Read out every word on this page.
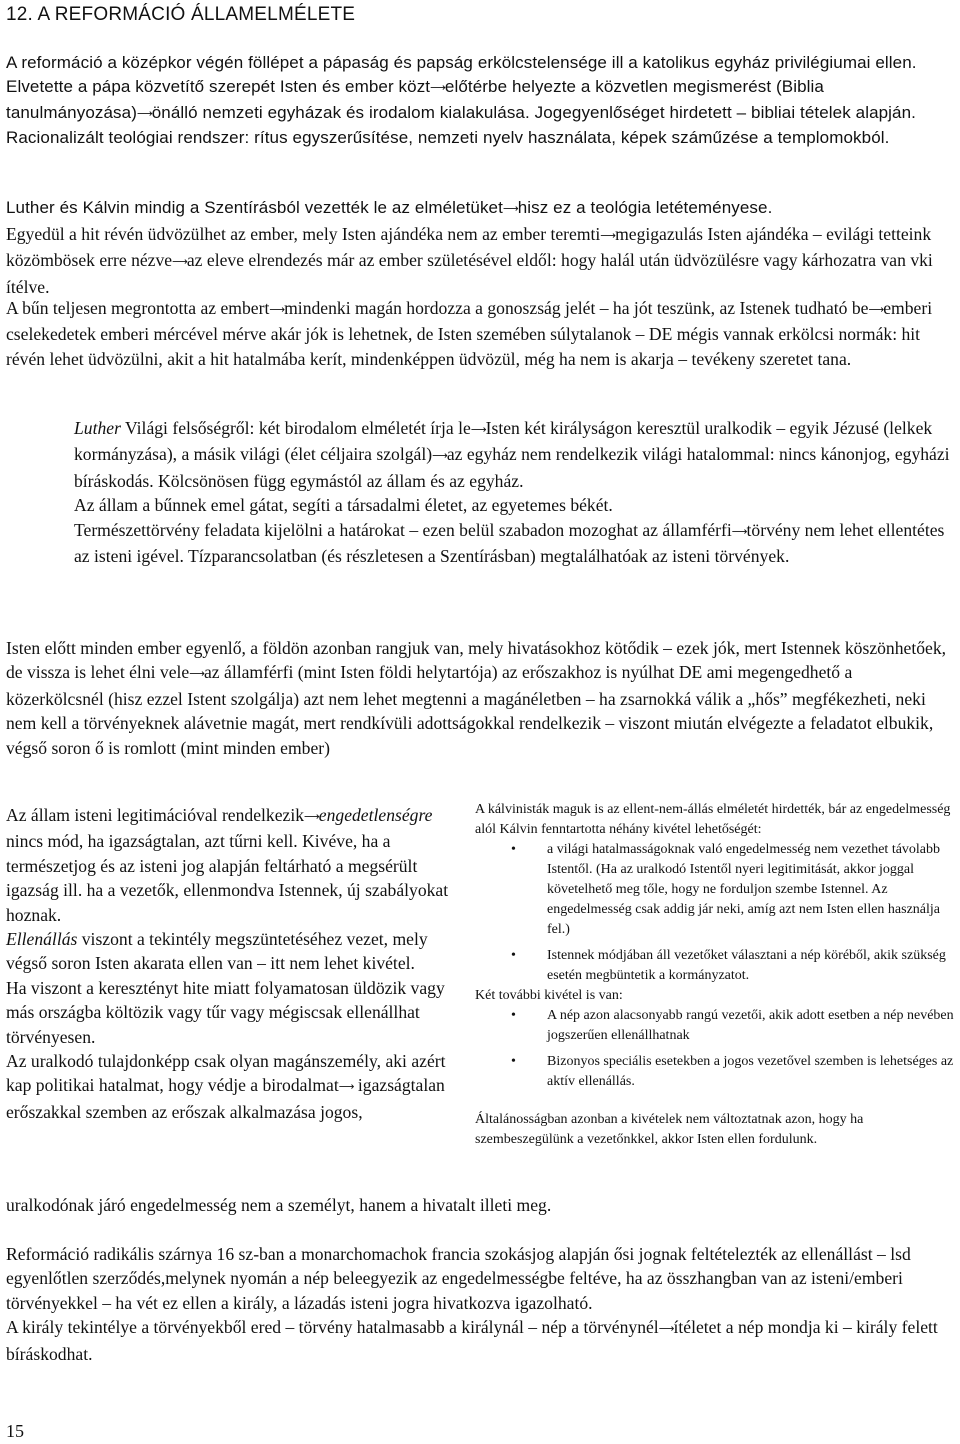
12. A REFORMÁCIÓ ÁLLAMELMÉLETE

A reformáció a középkor végén föllépet a pápaság és papság erkölcstelensége ill a katolikus egyház privilégiumai ellen. Elvetette a pápa közvetítő szerepét Isten és ember közt⟶előtérbe helyezte a közvetlen megismerést (Biblia tanulmányozása)⟶önálló nemzeti egyházak és irodalom kialakulása. Jogegyenlőséget hirdetett – bibliai tételek alapján. Racionalizált teológiai rendszer: rítus egyszerűsítése, nemzeti nyelv használata, képek száműzése a templomokból.

Luther és Kálvin mindig a Szentírásból vezették le az elméletüket⟶hisz ez a teológia letéteményese.

Egyedül a hit révén üdvözülhet az ember, mely Isten ajándéka nem az ember teremti⟶megigazulás Isten ajándéka – evilági tetteink közömbösek erre nézve⟶az eleve elrendezés már az ember születésével eldől: hogy halál után üdvözülésre vagy kárhozatra van vki ítélve.

A bűn teljesen megrontotta az embert⟶mindenki magán hordozza a gonoszság jelét – ha jót teszünk, az Istenek tudható be⟶emberi cselekedetek emberi mércével mérve akár jók is lehetnek, de Isten szemében súlytalanok – DE mégis vannak erkölcsi normák: hit révén lehet üdvözülni, akit a hit hatalmába kerít, mindenképpen üdvözül, még ha nem is akarja – tevékeny szeretet tana.

Luther Világi felsőségről: két birodalom elméletét írja le⟶Isten két királyságon keresztül uralkodik – egyik Jézusé (lelkek kormányzása), a másik világi (élet céljaira szolgál)⟶az egyház nem rendelkezik világi hatalommal: nincs kánonjog, egyházi bíráskodás. Kölcsönösen függ egymástól az állam és az egyház.

Az állam a bűnnek emel gátat, segíti a társadalmi életet, az egyetemes békét.

Természettörvény feladata kijelölni a határokat – ezen belül szabadon mozoghat az államférfi⟶törvény nem lehet ellentétes az isteni igével. Tízparancsolatban (és részletesen a Szentírásban) megtalálhatóak az isteni törvények.

Isten előtt minden ember egyenlő, a földön azonban rangjuk van, mely hivatásokhoz kötődik – ezek jók, mert Istennek köszönhetőek, de vissza is lehet élni vele⟶az államférfi (mint Isten földi helytartója) az erőszakhoz is nyúlhat DE ami megengedhető a közerkölcsnél (hisz ezzel Istent szolgálja) azt nem lehet megtenni a magánéletben – ha zsarnokká válik a „hős” megfékezheti, neki nem kell a törvényeknek alávetnie magát, mert rendkívüli adottságokkal rendelkezik – viszont miután elvégezte a feladatot elbukik, végső soron ő is romlott (mint minden ember)

Az állam isteni legitimációval rendelkezik⟶engedetlenségre nincs mód, ha igazságtalan, azt tűrni kell. Kivéve, ha a természetjog és az isteni jog alapján feltárható a megsérült igazság ill. ha a vezetők, ellenmondva Istennek, új szabályokat hoznak.

Ellenállás viszont a tekintély megszüntetéséhez vezet, mely végső soron Isten akarata ellen van – itt nem lehet kivétel.

Ha viszont a keresztényt hite miatt folyamatosan üldözik vagy más országba költözik vagy tűr vagy mégiscsak ellenállhat törvényesen.

Az uralkodó tulajdonképp csak olyan magánszemély, aki azért kap politikai hatalmat, hogy védje a birodalmat⟶ igazságtalan erőszakkal szemben az erőszak alkalmazása jogos,

uralkodónak járó engedelmesség nem a személyt, hanem a hivatalt illeti meg.

A kálvinisták maguk is az ellent-nem-állás elméletét hirdették, bár az engedelmesség alól Kálvin fenntartotta néhány kivétel lehetőségét:

• a világi hatalmasságoknak való engedelmesség nem vezethet távolabb Istentől. (Ha az uralkodó Istentől nyeri legitimitását, akkor joggal követelhető meg tőle, hogy ne forduljon szembe Istennel. Az engedelmesség csak addig jár neki, amíg azt nem Isten ellen használja fel.)
• Istennek módjában áll vezetőket választani a nép köréből, akik szükség esetén megbüntetik a kormányzatot.

Két további kivétel is van:

• A nép azon alacsonyabb rangú vezetői, akik adott esetben a nép nevében jogszerűen ellenállhatnak
• Bizonyos speciális esetekben a jogos vezetővel szemben is lehetséges az aktív ellenállás.

Általánosságban azonban a kivételek nem változtatnak azon, hogy ha szembeszegülünk a vezetőnkkel, akkor Isten ellen fordulunk.

Reformáció radikális szárnya 16 sz-ban a monarchomachok francia szokásjog alapján ősi jognak feltételezték az ellenállást – lsd egyenlőtlen szerződés,melynek nyomán a nép beleegyezik az engedelmességbe feltéve, ha az összhangban van az isteni/emberi törvényekkel – ha vét ez ellen a király, a lázadás isteni jogra hivatkozva igazolható.
A király tekintélye a törvényekből ered – törvény hatalmasabb a királynál – nép a törvénynél⟶ítéletet a nép mondja ki – király felett bíráskodhat.

15
